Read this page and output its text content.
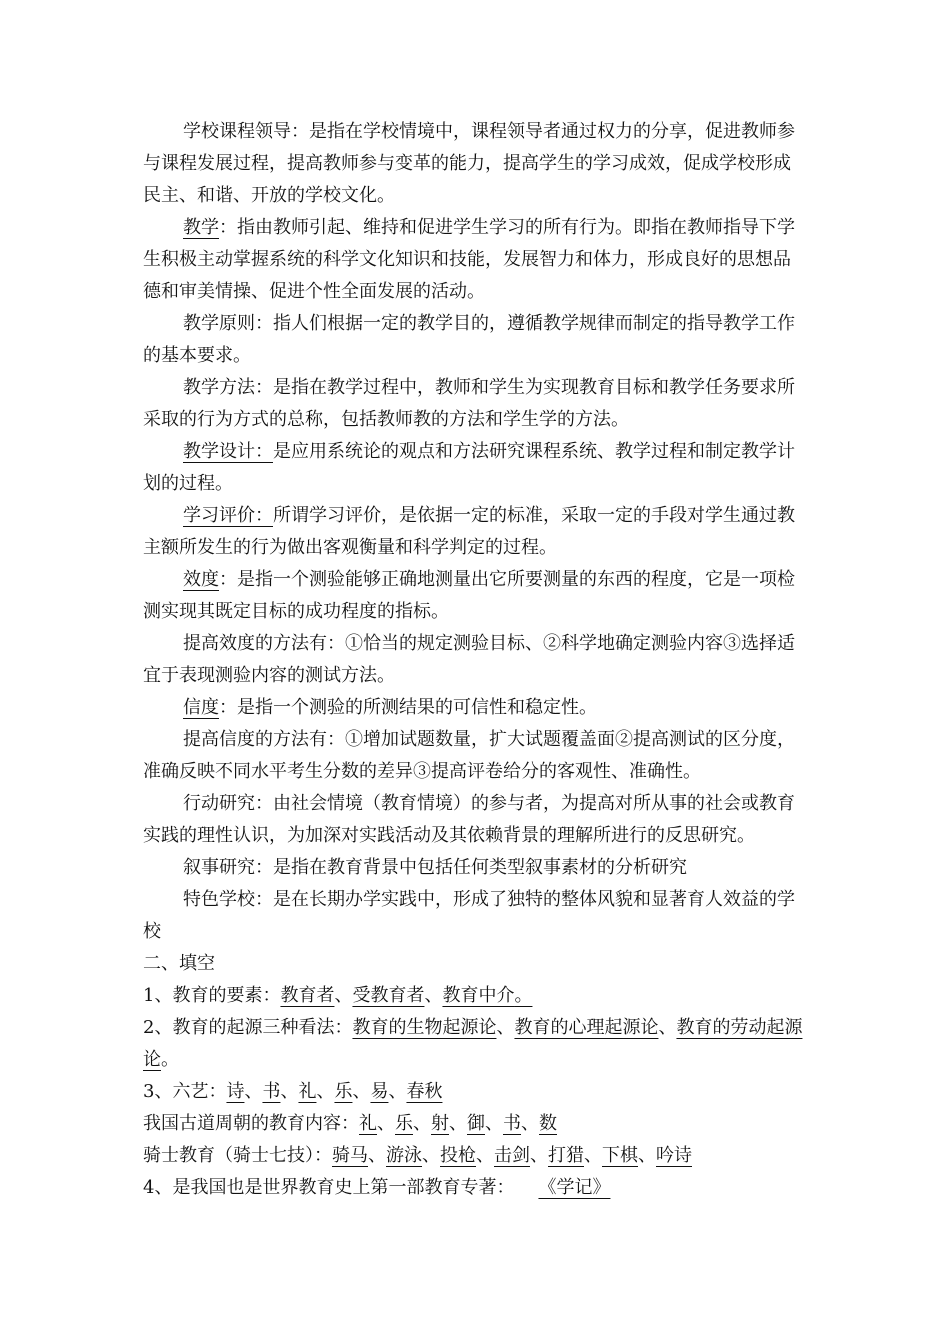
学校课程领导：是指在学校情境中，课程领导者通过权力的分享，促进教师参与课程发展过程，提高教师参与变革的能力，提高学生的学习成效，促成学校形成民主、和谐、开放的学校文化。

教学：指由教师引起、维持和促进学生学习的所有行为。即指在教师指导下学生积极主动掌握系统的科学文化知识和技能，发展智力和体力，形成良好的思想品德和审美情操、促进个性全面发展的活动。

教学原则：指人们根据一定的教学目的，遵循教学规律而制定的指导教学工作的基本要求。

教学方法：是指在教学过程中，教师和学生为实现教育目标和教学任务要求所采取的行为方式的总称，包括教师教的方法和学生学的方法。

教学设计：是应用系统论的观点和方法研究课程系统、教学过程和制定教学计划的过程。

学习评价：所谓学习评价，是依据一定的标准，采取一定的手段对学生通过教主额所发生的行为做出客观衡量和科学判定的过程。

效度：是指一个测验能够正确地测量出它所要测量的东西的程度，它是一项检测实现其既定目标的成功程度的指标。

提高效度的方法有：①恰当的规定测验目标、②科学地确定测验内容③选择适宜于表现测验内容的测试方法。

信度：是指一个测验的所测结果的可信性和稳定性。

提高信度的方法有：①增加试题数量，扩大试题覆盖面②提高测试的区分度，准确反映不同水平考生分数的差异③提高评卷给分的客观性、准确性。

行动研究：由社会情境（教育情境）的参与者，为提高对所从事的社会或教育实践的理性认识，为加深对实践活动及其依赖背景的理解所进行的反思研究。

叙事研究：是指在教育背景中包括任何类型叙事素材的分析研究

特色学校：是在长期办学实践中，形成了独特的整体风貌和显著育人效益的学校

二、填空

1、教育的要素：教育者、受教育者、教育中介。

2、教育的起源三种看法：教育的生物起源论、教育的心理起源论、教育的劳动起源论。

3、六艺：诗、书、礼、乐、易、春秋

我国古道周朝的教育内容：礼、乐、射、御、书、数

骑士教育（骑士七技）：骑马、游泳、投枪、击剑、打猎、下棋、吟诗

4、是我国也是世界教育史上第一部教育专著： 《学记》
